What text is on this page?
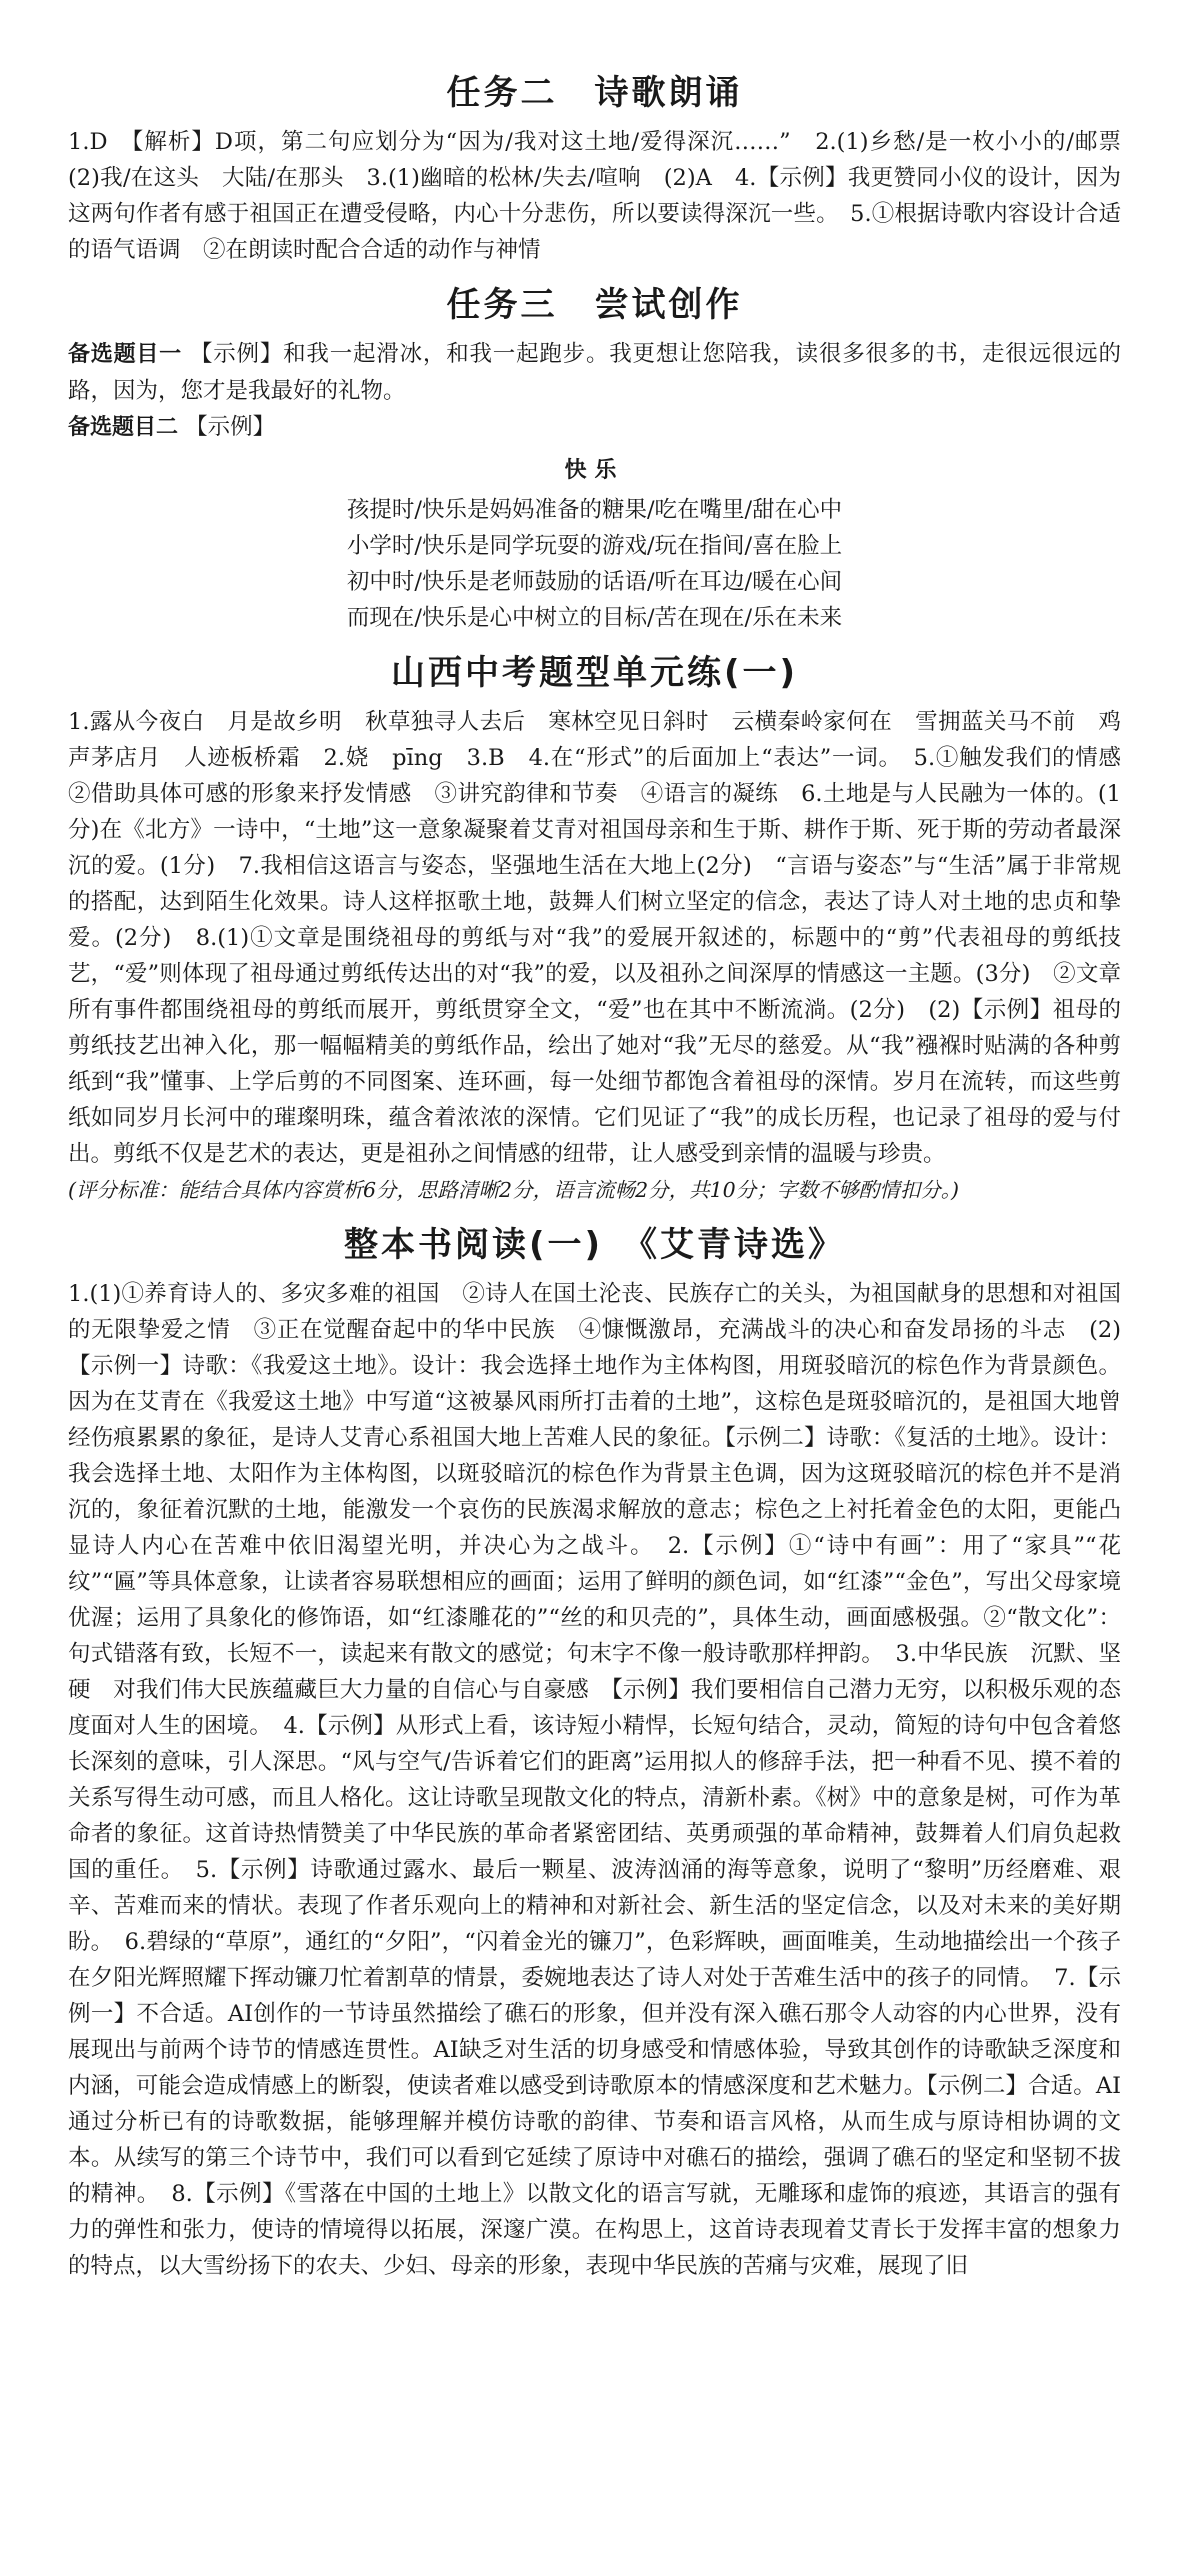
任务二　诗歌朗诵

1.D　【解析】D项，第二句应划分为“因为/我对这土地/爱得深沉……”　2.(1)乡愁/是一枚小小的/邮票　(2)我/在这头　大陆/在那头　3.(1)幽暗的松林/失去/喧响　(2)A　4.【示例】我更赞同小仪的设计，因为这两句作者有感于祖国正在遭受侵略，内心十分悲伤，所以要读得深沉一些。　5.①根据诗歌内容设计合适的语气语调　②在朗读时配合合适的动作与神情

任务三　尝试创作

备选题目一 【示例】和我一起滑冰，和我一起跑步。我更想让您陪我，读很多很多的书，走很远很远的路，因为，您才是我最好的礼物。

备选题目二 【示例】

快乐

孩提时/快乐是妈妈准备的糖果/吃在嘴里/甜在心中

小学时/快乐是同学玩耍的游戏/玩在指间/喜在脸上

初中时/快乐是老师鼓励的话语/听在耳边/暖在心间

而现在/快乐是心中树立的目标/苦在现在/乐在未来

山西中考题型单元练(一)

1.露从今夜白　月是故乡明　秋草独寻人去后　寒林空见日斜时　云横秦岭家何在　雪拥蓝关马不前　鸡声茅店月　人迹板桥霜　2.娆　pīng　3.B　4.在“形式”的后面加上“表达”一词。　5.①触发我们的情感　②借助具体可感的形象来抒发情感　③讲究韵律和节奏　④语言的凝练　6.土地是与人民融为一体的。(1分)在《北方》一诗中，“土地”这一意象凝聚着艾青对祖国母亲和生于斯、耕作于斯、死于斯的劳动者最深沉的爱。(1分)　7.我相信这语言与姿态，坚强地生活在大地上(2分)　“言语与姿态”与“生活”属于非常规的搭配，达到陌生化效果。诗人这样抠歌土地，鼓舞人们树立坚定的信念，表达了诗人对土地的忠贞和挚爱。(2分)　8.(1)①文章是围绕祖母的剪纸与对“我”的爱展开叙述的，标题中的“剪”代表祖母的剪纸技艺，“爱”则体现了祖母通过剪纸传达出的对“我”的爱，以及祖孙之间深厚的情感这一主题。(3分)　②文章所有事件都围绕祖母的剪纸而展开，剪纸贯穿全文，“爱”也在其中不断流淌。(2分)　(2)【示例】祖母的剪纸技艺出神入化，那一幅幅精美的剪纸作品，绘出了她对“我”无尽的慈爱。从“我”襁褓时贴满的各种剪纸到“我”懂事、上学后剪的不同图案、连环画，每一处细节都饱含着祖母的深情。岁月在流转，而这些剪纸如同岁月长河中的璀璨明珠，蕴含着浓浓的深情。它们见证了“我”的成长历程，也记录了祖母的爱与付出。剪纸不仅是艺术的表达，更是祖孙之间情感的纽带，让人感受到亲情的温暖与珍贵。

(评分标准：能结合具体内容赏析6分，思路清晰2分，语言流畅2分，共10分；字数不够酌情扣分。)

整本书阅读(一)　《艾青诗选》

1.(1)①养育诗人的、多灾多难的祖国　②诗人在国土沦丧、民族存亡的关头，为祖国献身的思想和对祖国的无限挚爱之情　③正在觉醒奋起中的华中民族　④慷慨激昂，充满战斗的决心和奋发昂扬的斗志　(2)【示例一】诗歌：《我爱这土地》。设计：我会选择土地作为主体构图，用斑驳暗沉的棕色作为背景颜色。因为在艾青在《我爱这土地》中写道“这被暴风雨所打击着的土地”，这棕色是斑驳暗沉的，是祖国大地曾经伤痕累累的象征，是诗人艾青心系祖国大地上苦难人民的象征。【示例二】诗歌：《复活的土地》。设计：我会选择土地、太阳作为主体构图，以斑驳暗沉的棕色作为背景主色调，因为这斑驳暗沉的棕色并不是消沉的，象征着沉默的土地，能激发一个哀伤的民族渴求解放的意志；棕色之上衬托着金色的太阳，更能凸显诗人内心在苦难中依旧渴望光明，并决心为之战斗。　2.【示例】①“诗中有画”：用了“家具”“花纹”“匾”等具体意象，让读者容易联想相应的画面；运用了鲜明的颜色词，如“红漆”“金色”，写出父母家境优渥；运用了具象化的修饰语，如“红漆雕花的”“丝的和贝壳的”，具体生动，画面感极强。②“散文化”：句式错落有致，长短不一，读起来有散文的感觉；句末字不像一般诗歌那样押韵。　3.中华民族　沉默、坚硬　对我们伟大民族蕴藏巨大力量的自信心与自豪感　【示例】我们要相信自己潜力无穷，以积极乐观的态度面对人生的困境。　4.【示例】从形式上看，该诗短小精悍，长短句结合，灵动，简短的诗句中包含着悠长深刻的意味，引人深思。“风与空气/告诉着它们的距离”运用拟人的修辞手法，把一种看不见、摸不着的关系写得生动可感，而且人格化。这让诗歌呈现散文化的特点，清新朴素。《树》中的意象是树，可作为革命者的象征。这首诗热情赞美了中华民族的革命者紧密团结、英勇顽强的革命精神，鼓舞着人们肩负起救国的重任。　5.【示例】诗歌通过露水、最后一颗星、波涛汹涌的海等意象，说明了“黎明”历经磨难、艰辛、苦难而来的情状。表现了作者乐观向上的精神和对新社会、新生活的坚定信念，以及对未来的美好期盼。　6.碧绿的“草原”，通红的“夕阳”，“闪着金光的镰刀”，色彩辉映，画面唯美，生动地描绘出一个孩子在夕阳光辉照耀下挥动镰刀忙着割草的情景，委婉地表达了诗人对处于苦难生活中的孩子的同情。　7.【示例一】不合适。AI创作的一节诗虽然描绘了礁石的形象，但并没有深入礁石那令人动容的内心世界，没有展现出与前两个诗节的情感连贯性。AI缺乏对生活的切身感受和情感体验，导致其创作的诗歌缺乏深度和内涵，可能会造成情感上的断裂，使读者难以感受到诗歌原本的情感深度和艺术魅力。【示例二】合适。AI通过分析已有的诗歌数据，能够理解并模仿诗歌的韵律、节奏和语言风格，从而生成与原诗相协调的文本。从续写的第三个诗节中，我们可以看到它延续了原诗中对礁石的描绘，强调了礁石的坚定和坚韧不拔的精神。　8.【示例】《雪落在中国的土地上》以散文化的语言写就，无雕琢和虚饰的痕迹，其语言的强有力的弹性和张力，使诗的情境得以拓展，深邃广漠。在构思上，这首诗表现着艾青长于发挥丰富的想象力的特点，以大雪纷扬下的农夫、少妇、母亲的形象，表现中华民族的苦痛与灾难，展现了旧
